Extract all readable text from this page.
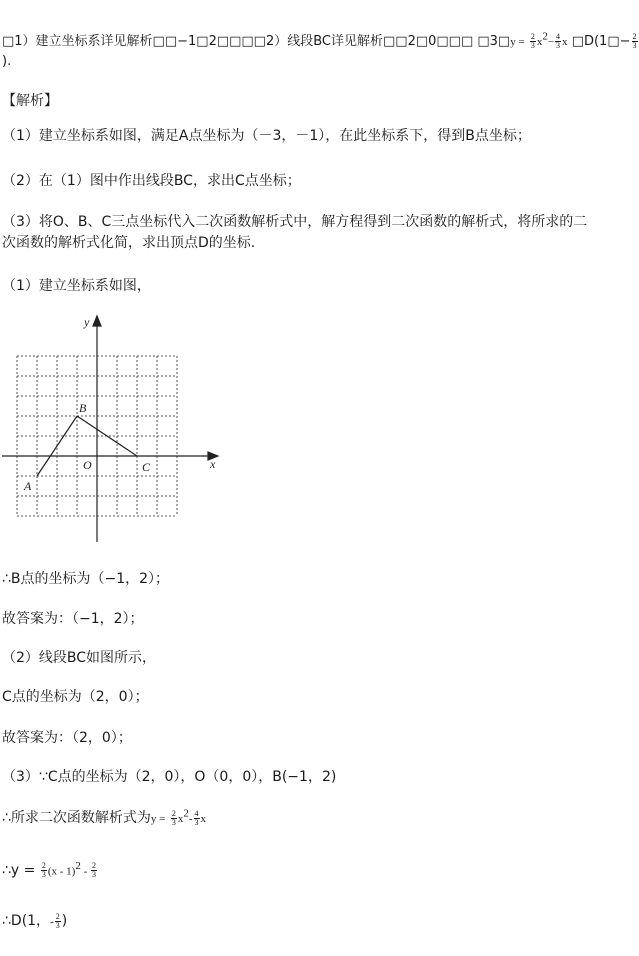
□1）建立坐标系详见解析□□−1□2□□□□2）线段BC详见解析□□2□0□□□ □3□y = $\frac{2}{3} x^2- \frac{4}{3}$ x □D(1□− $\frac{2}{3}$
).
【解析】
（1）建立坐标系如图，满足A点坐标为（－3，－1），在此坐标系下，得到B点坐标；
（2）在（1）图中作出线段BC，求出C点坐标；
（3）将O、B、C三点坐标代入二次函数解析式中，解方程得到二次函数的解析式，将所求的二
次函数的解析式化简，求出顶点D的坐标.
（1）建立坐标系如图，
y
x
O
A
B
C
∴B点的坐标为（−1，2）；
故答案为：（−1，2）；
（2）线段BC如图所示，
C点的坐标为（2，0）；
故答案为：（2，0）；
（3）∵C点的坐标为（2，0），O（0，0），B(−1，2)
∴所求二次函数解析式为$y = \frac{2}{3} x^2- \frac{4}{3}$ x
∴y = $\frac{2}{3} (x - 1)^2 - \frac{2}{3}$
∴D(1，- $\frac{2}{3}$ )
